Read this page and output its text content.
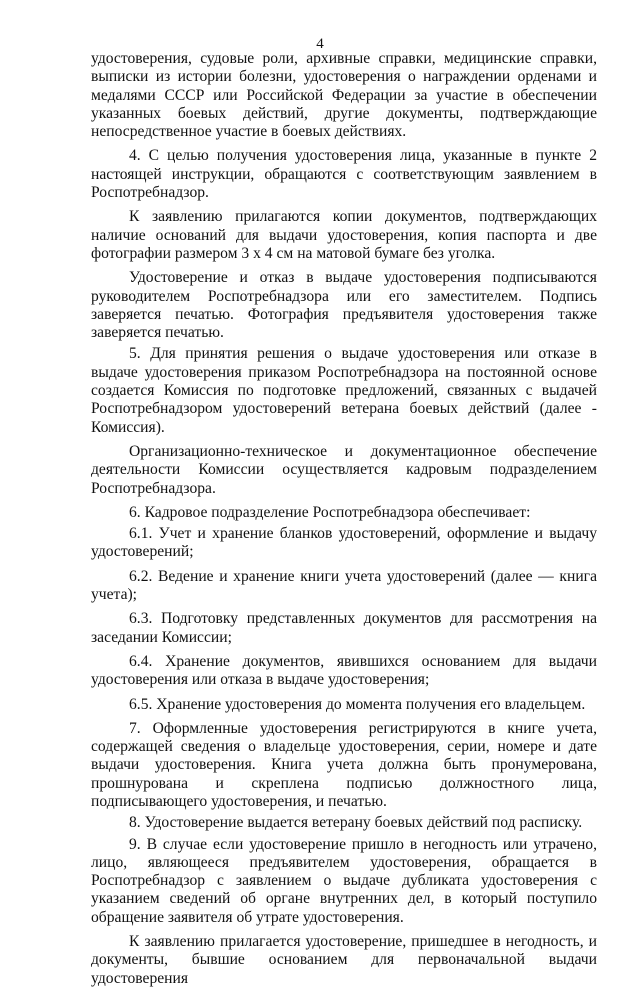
4

удостоверения, судовые роли, архивные справки, медицинские справки, выписки из истории болезни, удостоверения о награждении орденами и медалями СССР или Российской Федерации за участие в обеспечении указанных боевых действий, другие документы, подтверждающие непосредственное участие в боевых действиях.

4. С целью получения удостоверения лица, указанные в пункте 2 настоящей инструкции, обращаются с соответствующим заявлением в Роспотребнадзор.

К заявлению прилагаются копии документов, подтверждающих наличие оснований для выдачи удостоверения, копия паспорта и две фотографии размером 3 х 4 см на матовой бумаге без уголка.

Удостоверение и отказ в выдаче удостоверения подписываются руководителем Роспотребнадзора или его заместителем. Подпись заверяется печатью. Фотография предъявителя удостоверения также заверяется печатью.

5. Для принятия решения о выдаче удостоверения или отказе в выдаче удостоверения приказом Роспотребнадзора на постоянной основе создается Комиссия по подготовке предложений, связанных с выдачей Роспотребнадзором удостоверений ветерана боевых действий (далее - Комиссия).

Организационно-техническое и документационное обеспечение деятельности Комиссии осуществляется кадровым подразделением Роспотребнадзора.

6. Кадровое подразделение Роспотребнадзора обеспечивает:

6.1. Учет и хранение бланков удостоверений, оформление и выдачу удостоверений;

6.2. Ведение и хранение книги учета удостоверений (далее — книга учета);

6.3. Подготовку представленных документов для рассмотрения на заседании Комиссии;

6.4. Хранение документов, явившихся основанием для выдачи удостоверения или отказа в выдаче удостоверения;

6.5. Хранение удостоверения до момента получения его владельцем.

7. Оформленные удостоверения регистрируются в книге учета, содержащей сведения о владельце удостоверения, серии, номере и дате выдачи удостоверения. Книга учета должна быть пронумерована, прошнурована и скреплена подписью должностного лица, подписывающего удостоверения, и печатью.

8. Удостоверение выдается ветерану боевых действий под расписку.

9. В случае если удостоверение пришло в негодность или утрачено, лицо, являющееся предъявителем удостоверения, обращается в Роспотребнадзор с заявлением о выдаче дубликата удостоверения с указанием сведений об органе внутренних дел, в который поступило обращение заявителя об утрате удостоверения.

К заявлению прилагается удостоверение, пришедшее в негодность, и документы, бывшие основанием для первоначальной выдачи удостоверения
